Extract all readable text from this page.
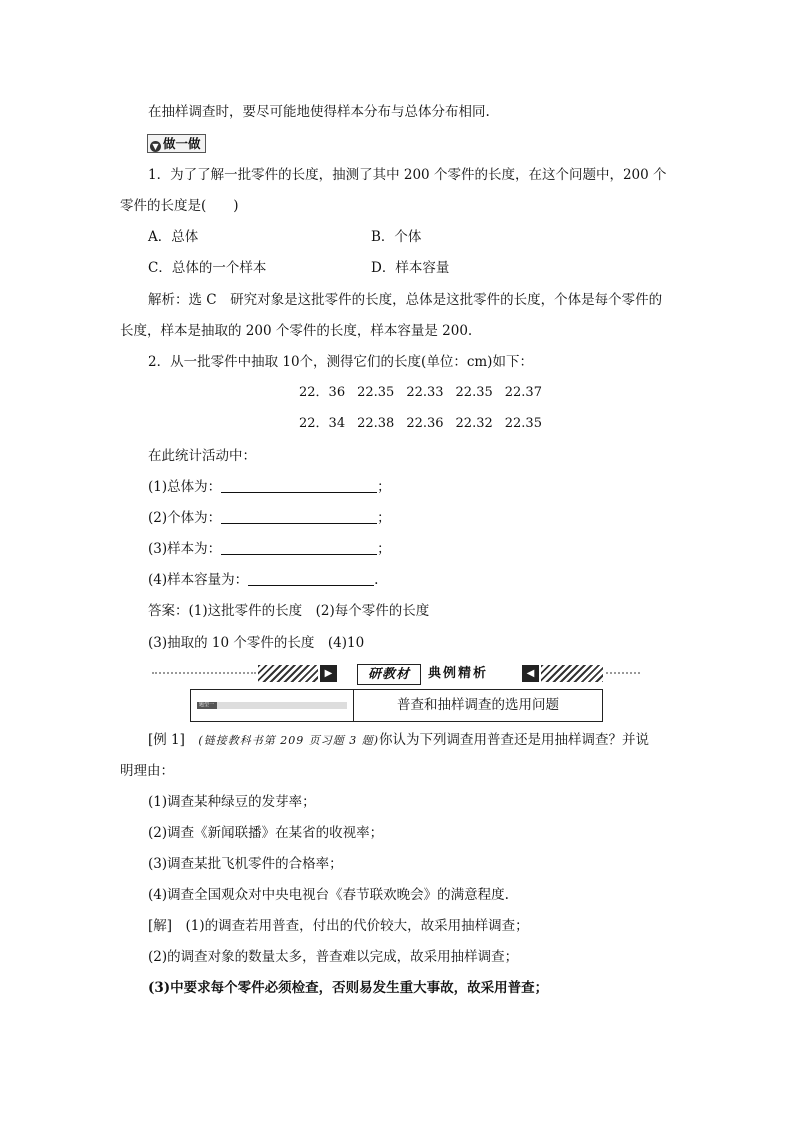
在抽样调查时，要尽可能地使得样本分布与总体分布相同.
▼ 做一做
1．为了了解一批零件的长度，抽测了其中 200 个零件的长度，在这个问题中，200 个
零件的长度是(　　)
A．总体	B．个体
C．总体的一个样本	D．样本容量
解析：选 C　研究对象是这批零件的长度，总体是这批零件的长度，个体是每个零件的
长度，样本是抽取的 200 个零件的长度，样本容量是 200.
2．从一批零件中抽取 10个，测得它们的长度(单位：cm)如下：
22．36 22.35 22.33 22.35 22.37
22．34 22.38 22.36 22.32 22.35
在此统计活动中：
(1)总体为：	；
(2)个体为：	；
(3)样本为：	；
(4)样本容量为：	.
答案：(1)这批零件的长度　(2)每个零件的长度
(3)抽取的 10 个零件的长度　(4)10
▶	研教材	典例精析	◀
题型一	普查和抽样调查的选用问题
[例 1]　 (链接教科书第 209 页习题 3 题)你认为下列调查用普查还是用抽样调查？并说
明理由：
(1)调查某种绿豆的发芽率；
(2)调查《新闻联播》在某省的收视率；
(3)调查某批飞机零件的合格率；
(4)调查全国观众对中央电视台《春节联欢晚会》的满意程度.
[解]　(1)的调查若用普查，付出的代价较大，故采用抽样调查；
(2)的调查对象的数量太多，普查难以完成，故采用抽样调查；
(3)中要求每个零件必须检查，否则易发生重大事故，故采用普查；
